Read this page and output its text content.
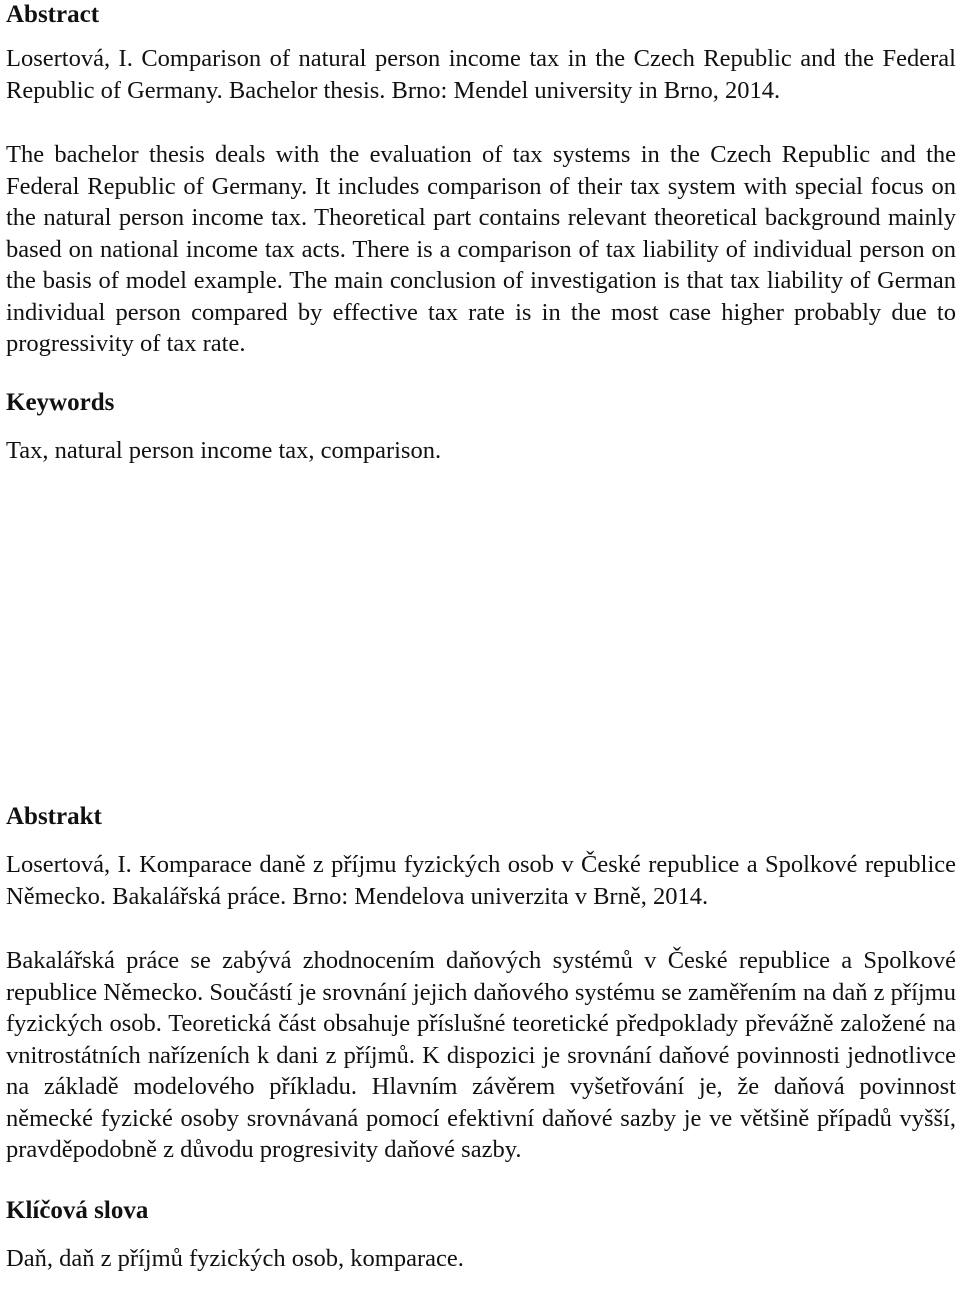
Abstract

Losertová, I. Comparison of natural person income tax in the Czech Republic and the Federal Republic of Germany. Bachelor thesis. Brno: Mendel university in Brno, 2014.

The bachelor thesis deals with the evaluation of tax systems in the Czech Republic and the Federal Republic of Germany. It includes comparison of their tax system with special focus on the natural person income tax. Theoretical part contains relevant theoretical background mainly based on national income tax acts. There is a comparison of tax liability of individual person on the basis of model example. The main conclusion of investigation is that tax liability of German individual person compared by effective tax rate is in the most case higher probably due to progressivity of tax rate.

Keywords

Tax, natural person income tax, comparison.

Abstrakt

Losertová, I. Komparace daně z příjmu fyzických osob v České republice a Spolkové republice Německo. Bakalářská práce. Brno: Mendelova univerzita v Brně, 2014.

Bakalářská práce se zabývá zhodnocením daňových systémů v České republice a Spolkové republice Německo. Součástí je srovnání jejich daňového systému se zaměřením na daň z příjmu fyzických osob. Teoretická část obsahuje příslušné teoretické předpoklady převážně založené na vnitrostátních nařízeních k dani z příjmů. K dispozici je srovnání daňové povinnosti jednotlivce na základě modelového příkladu. Hlavním závěrem vyšetřování je, že daňová povinnost německé fyzické osoby srovnávaná pomocí efektivní daňové sazby je ve většině případů vyšší, pravděpodobně z důvodu progresivity daňové sazby.

Klíčová slova

Daň, daň z příjmů fyzických osob, komparace.
